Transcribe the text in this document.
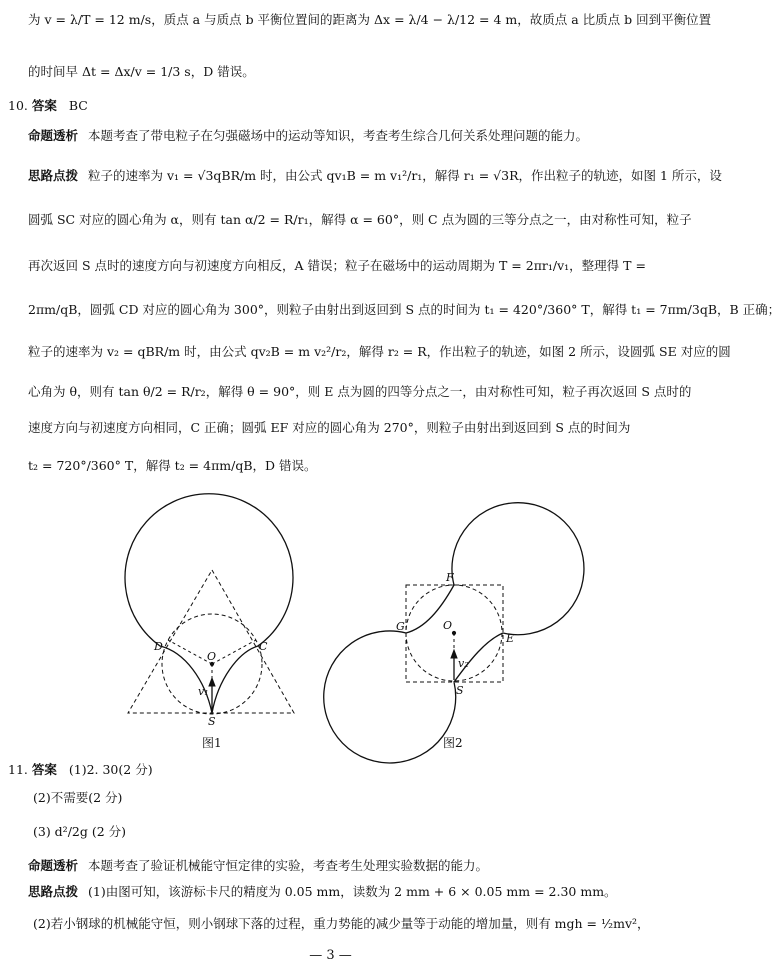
为 v = λ/T = 12 m/s，质点 a 与质点 b 平衡位置间的距离为 Δx = λ/4 − λ/12 = 4 m，故质点 a 比质点 b 回到平衡位置
的时间早 Δt = Δx/v = 1/3 s，D 错误。
10. 答案 BC
命题透析 本题考查了带电粒子在匀强磁场中的运动等知识，考查考生综合几何关系处理问题的能力。
思路点拨 粒子的速率为 v₁ = √3qBR/m 时，由公式 qv₁B = m v₁²/r₁，解得 r₁ = √3R，作出粒子的轨迹，如图 1 所示，设
圆弧 SC 对应的圆心角为 α，则有 tan α/2 = R/r₁，解得 α = 60°，则 C 点为圆的三等分点之一，由对称性可知，粒子
再次返回 S 点时的速度方向与初速度方向相反，A 错误；粒子在磁场中的运动周期为 T = 2πr₁/v₁，整理得 T =
2πm/qB，圆弧 CD 对应的圆心角为 300°，则粒子由射出到返回到 S 点的时间为 t₁ = 420°/360° T，解得 t₁ = 7πm/3qB，B 正确；
粒子的速率为 v₂ = qBR/m 时，由公式 qv₂B = m v₂²/r₂，解得 r₂ = R，作出粒子的轨迹，如图 2 所示，设圆弧 SE 对应的圆
心角为 θ，则有 tan θ/2 = R/r₂，解得 θ = 90°，则 E 点为圆的四等分点之一，由对称性可知，粒子再次返回 S 点时的
速度方向与初速度方向相同，C 正确；圆弧 EF 对应的圆心角为 270°，则粒子由射出到返回到 S 点的时间为
t₂ = 720°/360° T，解得 t₂ = 4πm/qB，D 错误。
D	C
O
S
v₁
F
G	O
E
S
v₂
图1	图2
11. 答案 (1)2. 30(2 分)
(2)不需要(2 分)
(3) d²/2g (2 分)
命题透析 本题考查了验证机械能守恒定律的实验，考查考生处理实验数据的能力。
思路点拨 (1)由图可知，该游标卡尺的精度为 0.05 mm，读数为 2 mm + 6 × 0.05 mm = 2.30 mm。
(2)若小钢球的机械能守恒，则小钢球下落的过程，重力势能的减少量等于动能的增加量，则有 mgh = ½mv²，
— 3 —
